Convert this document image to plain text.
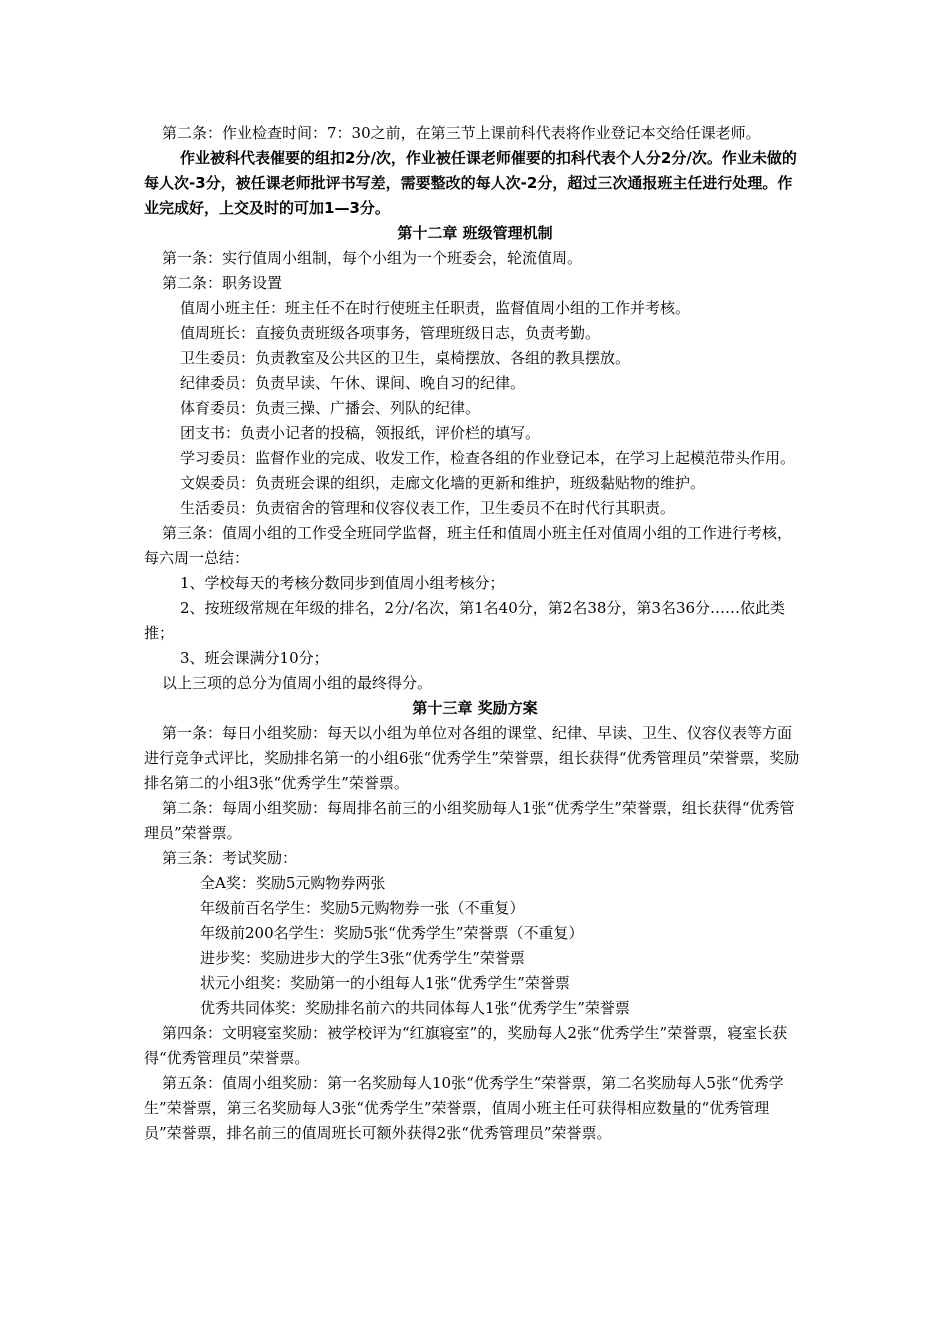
第二条：作业检查时间：7：30之前，在第三节上课前科代表将作业登记本交给任课老师。

作业被科代表催要的组扣2分/次，作业被任课老师催要的扣科代表个人分2分/次。作业未做的每人次-3分，被任课老师批评书写差，需要整改的每人次-2分，超过三次通报班主任进行处理。作业完成好，上交及时的可加1—3分。

第十二章 班级管理机制

第一条：实行值周小组制，每个小组为一个班委会，轮流值周。

第二条：职务设置

值周小班主任：班主任不在时行使班主任职责，监督值周小组的工作并考核。

值周班长：直接负责班级各项事务，管理班级日志，负责考勤。

卫生委员：负责教室及公共区的卫生，桌椅摆放、各组的教具摆放。

纪律委员：负责早读、午休、课间、晚自习的纪律。

体育委员：负责三操、广播会、列队的纪律。

团支书：负责小记者的投稿，领报纸，评价栏的填写。

学习委员：监督作业的完成、收发工作，检查各组的作业登记本，在学习上起模范带头作用。

文娱委员：负责班会课的组织，走廊文化墙的更新和维护，班级黏贴物的维护。

生活委员：负责宿舍的管理和仪容仪表工作，卫生委员不在时代行其职责。

第三条：值周小组的工作受全班同学监督，班主任和值周小班主任对值周小组的工作进行考核，每六周一总结：

1、学校每天的考核分数同步到值周小组考核分；

2、按班级常规在年级的排名，2分/名次，第1名40分，第2名38分，第3名36分……依此类推；

3、班会课满分10分；

以上三项的总分为值周小组的最终得分。

第十三章 奖励方案

第一条：每日小组奖励：每天以小组为单位对各组的课堂、纪律、早读、卫生、仪容仪表等方面进行竞争式评比，奖励排名第一的小组6张“优秀学生”荣誉票，组长获得“优秀管理员”荣誉票，奖励排名第二的小组3张“优秀学生”荣誉票。

第二条：每周小组奖励：每周排名前三的小组奖励每人1张“优秀学生”荣誉票，组长获得“优秀管理员”荣誉票。

第三条：考试奖励：

全A奖：奖励5元购物券两张

年级前百名学生：奖励5元购物券一张（不重复）

年级前200名学生：奖励5张“优秀学生”荣誉票（不重复）

进步奖：奖励进步大的学生3张“优秀学生”荣誉票

状元小组奖：奖励第一的小组每人1张“优秀学生”荣誉票

优秀共同体奖：奖励排名前六的共同体每人1张“优秀学生”荣誉票

第四条：文明寝室奖励：被学校评为“红旗寝室”的，奖励每人2张“优秀学生”荣誉票，寝室长获得“优秀管理员”荣誉票。

第五条：值周小组奖励：第一名奖励每人10张“优秀学生”荣誉票，第二名奖励每人5张“优秀学生”荣誉票，第三名奖励每人3张“优秀学生”荣誉票，值周小班主任可获得相应数量的“优秀管理员”荣誉票，排名前三的值周班长可额外获得2张“优秀管理员”荣誉票。
